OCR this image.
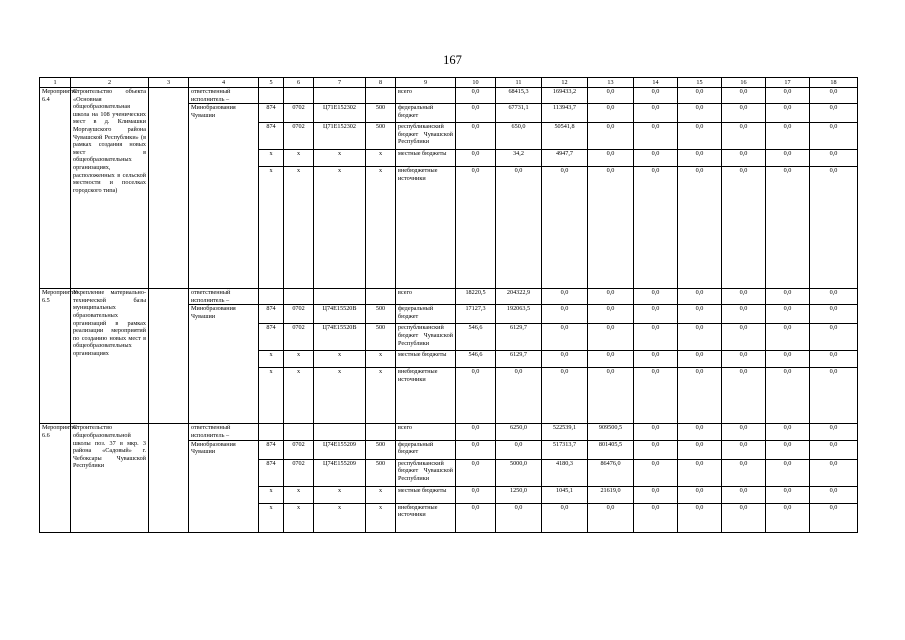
167
1	2	3	4	5	6	7	8	9	10	11	12	13	14	15	16	17	18
Мероприятие 6.4	Строительство объекта «Основная общеобразовательная школа на 108 ученических мест в д. Климашки Моргаушского района Чувашской Республики» (в рамках создания новых мест в общеобразовательных организациях, расположенных в сельской местности и поселках городского типа)		ответственный исполнитель –					всего	0,0	68415,3	169433,2	0,0	0,0	0,0	0,0	0,0	0,0
			Минобразования Чувашии	874	0702	Ц71Е152302	500	федеральный бюджет	0,0	67731,1	113943,7	0,0	0,0	0,0	0,0	0,0	0,0
				874	0702	Ц71Е152302	500	республиканский бюджет Чувашской Республики	0,0	650,0	50541,8	0,0	0,0	0,0	0,0	0,0	0,0
				x	x	x	x	местные бюджеты	0,0	34,2	4947,7	0,0	0,0	0,0	0,0	0,0	0,0
				x	x	x	x	внебюджетные источники	0,0	0,0	0,0	0,0	0,0	0,0	0,0	0,0	0,0
Мероприятие 6.5	Укрепление материально-технической базы муниципальных образовательных организаций в рамках реализации мероприятий по созданию новых мест в общеобразовательных организациях		ответственный исполнитель –					всего	18220,5	204322,9	0,0	0,0	0,0	0,0	0,0	0,0	0,0
			Минобразования Чувашии	874	0702	Ц74Е15520В	500	федеральный бюджет	17127,3	192063,5	0,0	0,0	0,0	0,0	0,0	0,0	0,0
				874	0702	Ц74Е15520В	500	республиканский бюджет Чувашской Республики	546,6	6129,7	0,0	0,0	0,0	0,0	0,0	0,0	0,0
				x	x	x	x	местные бюджеты	546,6	6129,7	0,0	0,0	0,0	0,0	0,0	0,0	0,0
				x	x	x	x	внебюджетные источники	0,0	0,0	0,0	0,0	0,0	0,0	0,0	0,0	0,0
Мероприятие 6.6	Строительство общеобразовательной школы поз. 37 в мкр. 3 района «Садовый» г. Чебоксары Чувашской Республики		ответственный исполнитель –					всего	0,0	6250,0	522539,1	909500,5	0,0	0,0	0,0	0,0	0,0
			Минобразования Чувашии	874	0702	Ц74Е155209	500	федеральный бюджет	0,0	0,0	517313,7	801405,5	0,0	0,0	0,0	0,0	0,0
				874	0702	Ц74Е155209	500	республиканский бюджет Чувашской Республики	0,0	5000,0	4180,3	86476,0	0,0	0,0	0,0	0,0	0,0
				x	x	x	x	местные бюджеты	0,0	1250,0	1045,1	21619,0	0,0	0,0	0,0	0,0	0,0
				x	x	x	x	внебюджетные источники	0,0	0,0	0,0	0,0	0,0	0,0	0,0	0,0	0,0
